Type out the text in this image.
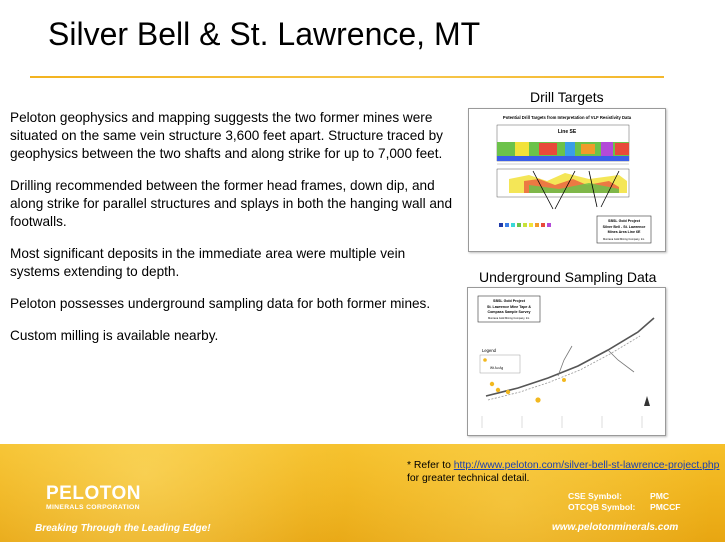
Silver Bell & St. Lawrence, MT

Peloton geophysics and mapping suggests the two former mines were situated on the same vein structure 3,600 feet apart. Structure traced by geophysics between the two shafts and along strike for up to 7,000 feet.

Drilling recommended between the former head frames, down dip, and along strike for parallel structures and splays in both the hanging wall and footwalls.

Most significant deposits in the immediate area were multiple vein systems extending to depth.

Peloton possesses underground sampling data for both former mines.

Custom milling is available nearby.

Drill Targets
Potential Drill Targets from Interpretation of VLF Resistivity Data
Line SE
SBSL Gold Project
Silver Bell - St. Lawrence
Mines Area Line 6E
Montana Gold Mining Company, Inc.
Underground Sampling Data
SBSL Gold Project
St. Lawrence Mine Tape &
Compass Sample Survey
Montana Gold Mining Company, Inc.
Legend
Wt Au Ag
* Refer to http://www.peloton.com/silver-bell-st-lawrence-project.php
for greater technical detail.
PELOTON
MINERALS CORPORATION
CSE Symbol:	PMC
OTCQB Symbol:	PMCCF
Breaking Through the Leading Edge!	www.pelotonminerals.com
